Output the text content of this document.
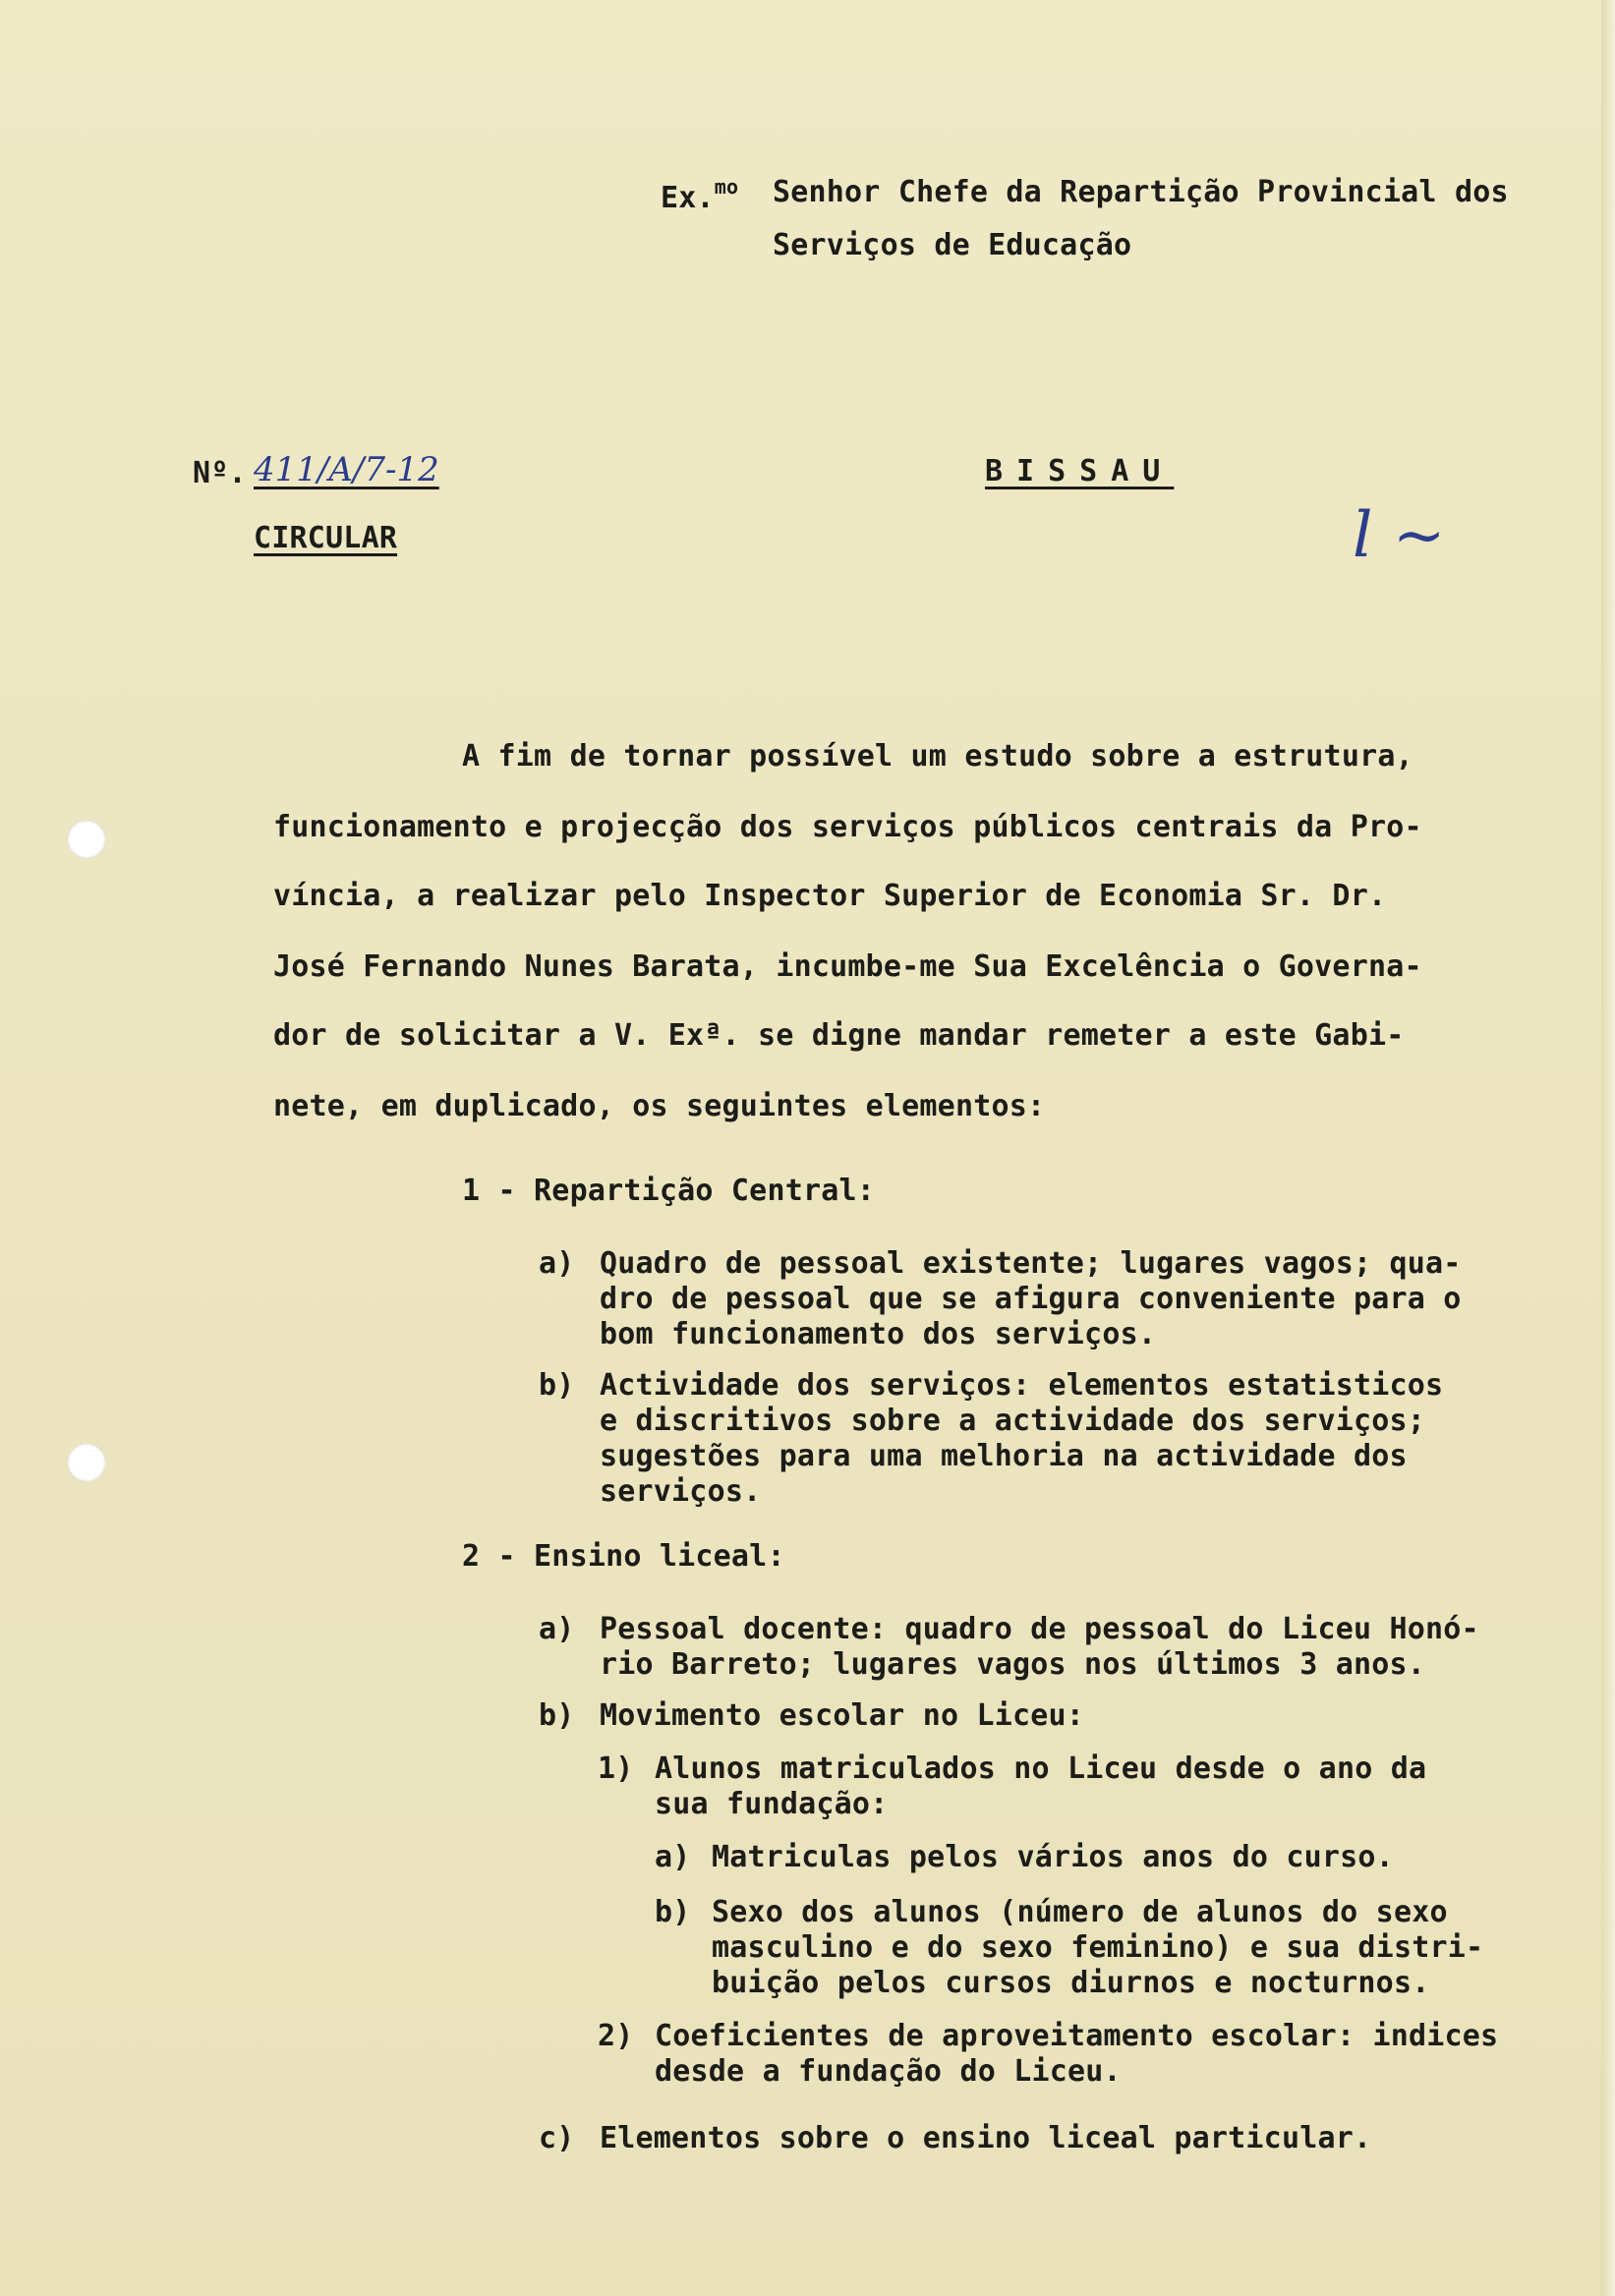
Ex.$^{mo}$ Senhor Chefe da Repartição Provincial dos
Serviços de Educação
Nº. 411/A/7-12	BISSAU
CIRCULAR	l ~
A fim de tornar possível um estudo sobre a estrutura,
funcionamento e projecção dos serviços públicos centrais da Pro-
víncia, a realizar pelo Inspector Superior de Economia Sr. Dr.
José Fernando Nunes Barata, incumbe-me Sua Excelência o Governa-
dor de solicitar a V. Exª. se digne mandar remeter a este Gabi-
nete, em duplicado, os seguintes elementos:
1 - Repartição Central:
a) Quadro de pessoal existente; lugares vagos; qua-
dro de pessoal que se afigura conveniente para o
bom funcionamento dos serviços.
b) Actividade dos serviços: elementos estatisticos
e discritivos sobre a actividade dos serviços;
sugestões para uma melhoria na actividade dos
serviços.
2 - Ensino liceal:
a) Pessoal docente: quadro de pessoal do Liceu Honó-
rio Barreto; lugares vagos nos últimos 3 anos.
b) Movimento escolar no Liceu:
1) Alunos matriculados no Liceu desde o ano da
sua fundação:
a) Matriculas pelos vários anos do curso.
b) Sexo dos alunos (número de alunos do sexo
masculino e do sexo feminino) e sua distri-
buição pelos cursos diurnos e nocturnos.
2) Coeficientes de aproveitamento escolar: indices
desde a fundação do Liceu.
c) Elementos sobre o ensino liceal particular.
